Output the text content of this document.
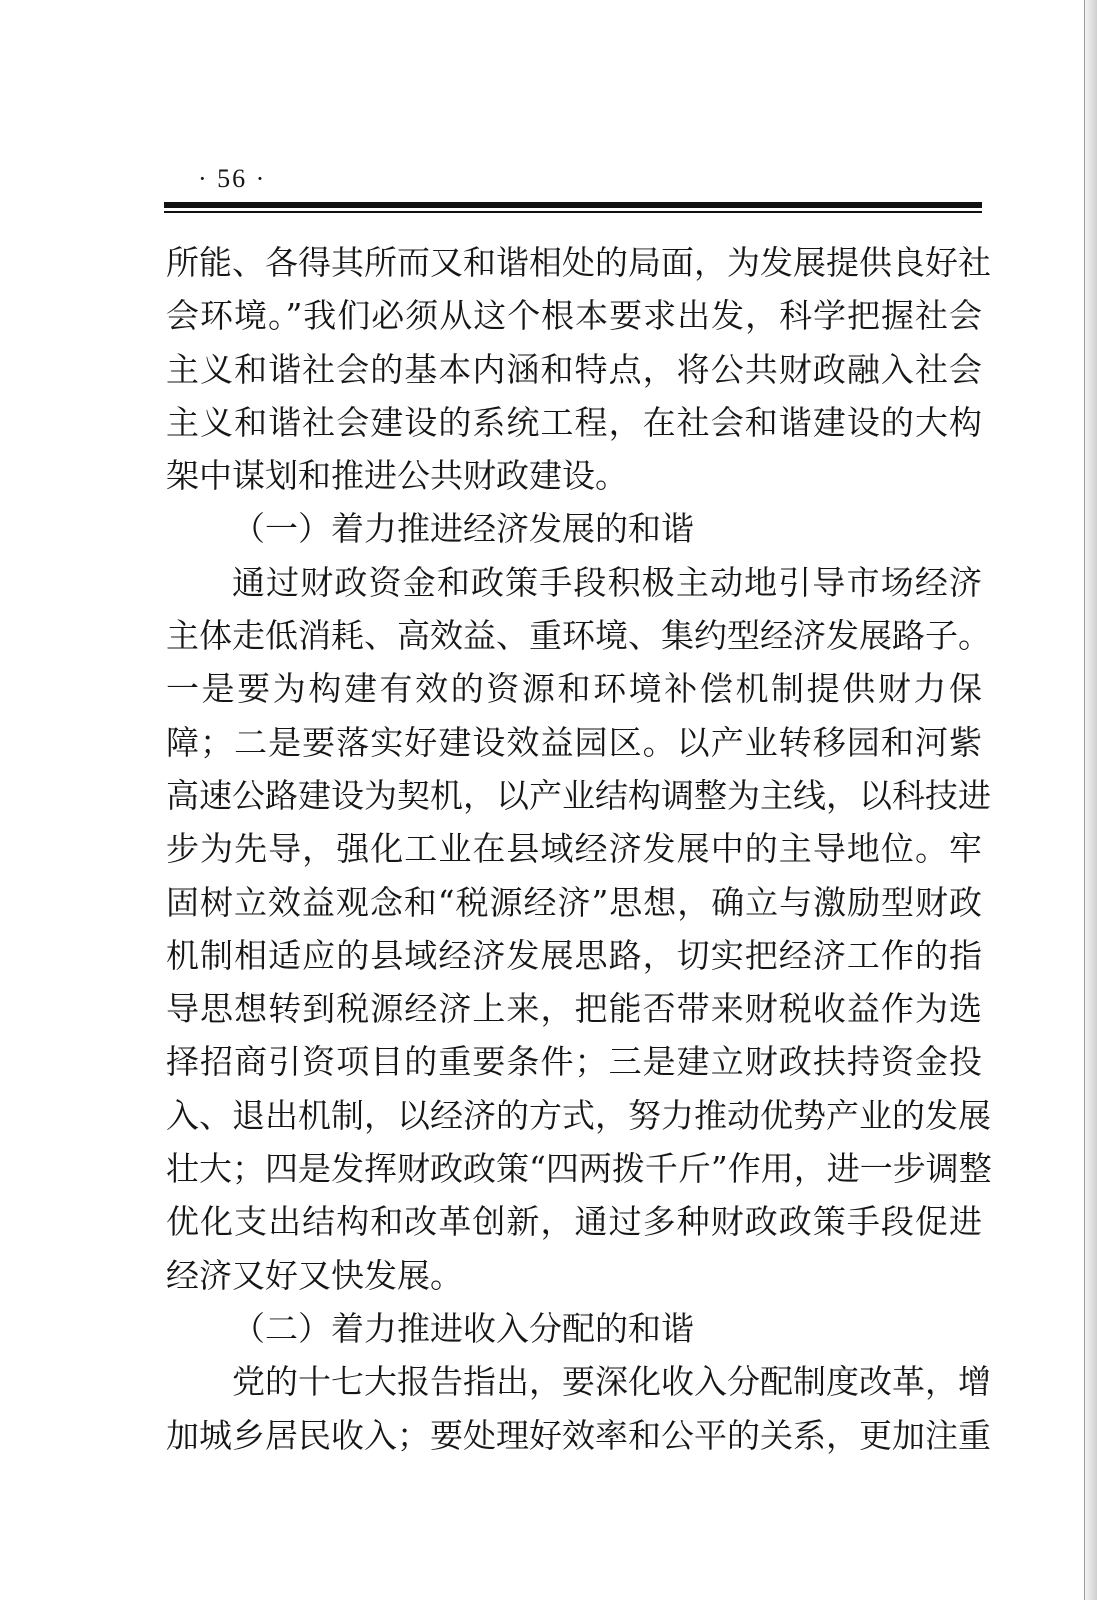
· 56 ·
所能、各得其所而又和谐相处的局面，为发展提供良好社
会环境。”我们必须从这个根本要求出发，科学把握社会
主义和谐社会的基本内涵和特点，将公共财政融入社会
主义和谐社会建设的系统工程，在社会和谐建设的大构
架中谋划和推进公共财政建设。
（一）着力推进经济发展的和谐
通过财政资金和政策手段积极主动地引导市场经济
主体走低消耗、高效益、重环境、集约型经济发展路子。
一是要为构建有效的资源和环境补偿机制提供财力保
障；二是要落实好建设效益园区。以产业转移园和河紫
高速公路建设为契机，以产业结构调整为主线，以科技进
步为先导，强化工业在县域经济发展中的主导地位。牢
固树立效益观念和“税源经济”思想，确立与激励型财政
机制相适应的县域经济发展思路，切实把经济工作的指
导思想转到税源经济上来，把能否带来财税收益作为选
择招商引资项目的重要条件；三是建立财政扶持资金投
入、退出机制，以经济的方式，努力推动优势产业的发展
壮大；四是发挥财政政策“四两拨千斤”作用，进一步调整
优化支出结构和改革创新，通过多种财政政策手段促进
经济又好又快发展。
（二）着力推进收入分配的和谐
党的十七大报告指出，要深化收入分配制度改革，增
加城乡居民收入；要处理好效率和公平的关系，更加注重
